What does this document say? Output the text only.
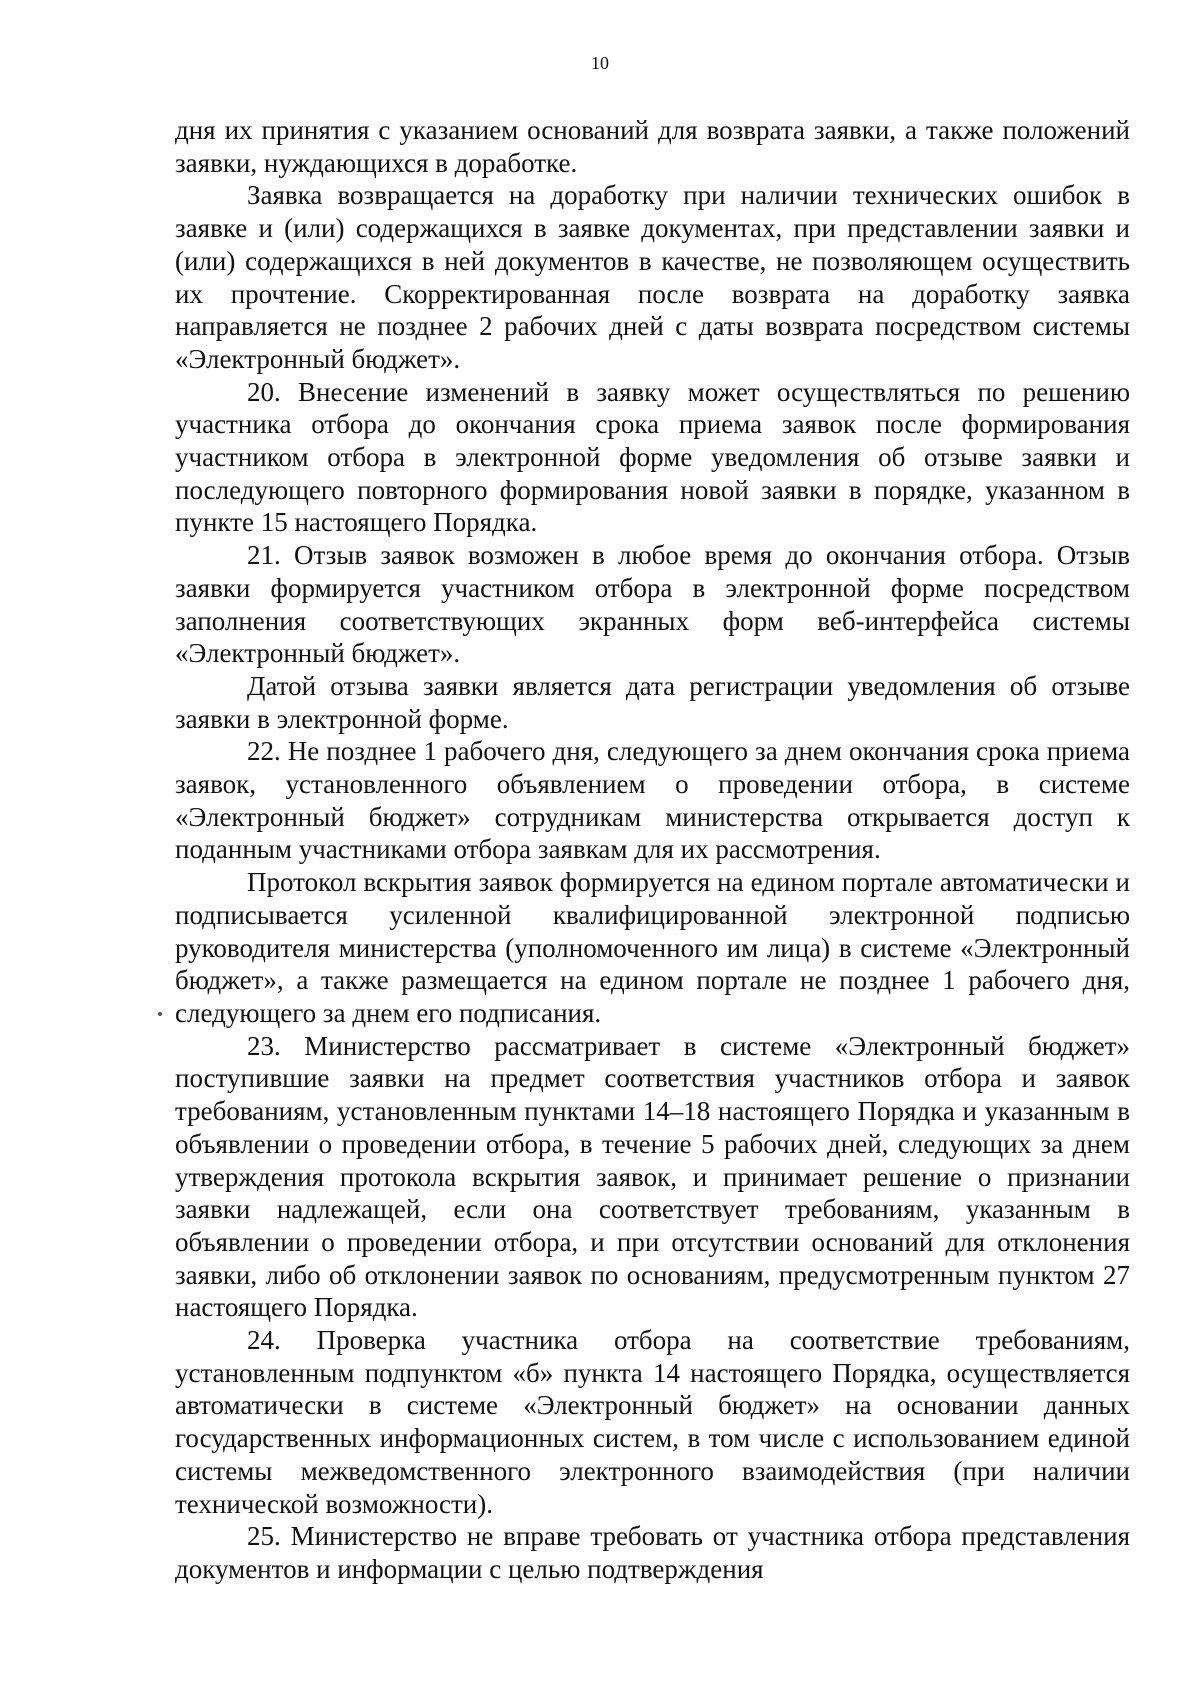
10

дня их принятия с указанием оснований для возврата заявки, а также положений заявки, нуждающихся в доработке.

Заявка возвращается на доработку при наличии технических ошибок в заявке и (или) содержащихся в заявке документах, при представлении заявки и (или) содержащихся в ней документов в качестве, не позволяющем осуществить их прочтение. Скорректированная после возврата на доработку заявка направляется не позднее 2 рабочих дней с даты возврата посредством системы «Электронный бюджет».

20. Внесение изменений в заявку может осуществляться по решению участника отбора до окончания срока приема заявок после формирования участником отбора в электронной форме уведомления об отзыве заявки и последующего повторного формирования новой заявки в порядке, указанном в пункте 15 настоящего Порядка.

21. Отзыв заявок возможен в любое время до окончания отбора. Отзыв заявки формируется участником отбора в электронной форме посредством заполнения соответствующих экранных форм веб-интерфейса системы «Электронный бюджет».

Датой отзыва заявки является дата регистрации уведомления об отзыве заявки в электронной форме.

22. Не позднее 1 рабочего дня, следующего за днем окончания срока приема заявок, установленного объявлением о проведении отбора, в системе «Электронный бюджет» сотрудникам министерства открывается доступ к поданным участниками отбора заявкам для их рассмотрения.

Протокол вскрытия заявок формируется на едином портале автоматически и подписывается усиленной квалифицированной электронной подписью руководителя министерства (уполномоченного им лица) в системе «Электронный бюджет», а также размещается на едином портале не позднее 1 рабочего дня, следующего за днем его подписания.

23. Министерство рассматривает в системе «Электронный бюджет» поступившие заявки на предмет соответствия участников отбора и заявок требованиям, установленным пунктами 14–18 настоящего Порядка и указанным в объявлении о проведении отбора, в течение 5 рабочих дней, следующих за днем утверждения протокола вскрытия заявок, и принимает решение о признании заявки надлежащей, если она соответствует требованиям, указанным в объявлении о проведении отбора, и при отсутствии оснований для отклонения заявки, либо об отклонении заявок по основаниям, предусмотренным пунктом 27 настоящего Порядка.

24. Проверка участника отбора на соответствие требованиям, установленным подпунктом «б» пункта 14 настоящего Порядка, осуществляется автоматически в системе «Электронный бюджет» на основании данных государственных информационных систем, в том числе с использованием единой системы межведомственного электронного взаимодействия (при наличии технической возможности).

25. Министерство не вправе требовать от участника отбора представления документов и информации с целью подтверждения
